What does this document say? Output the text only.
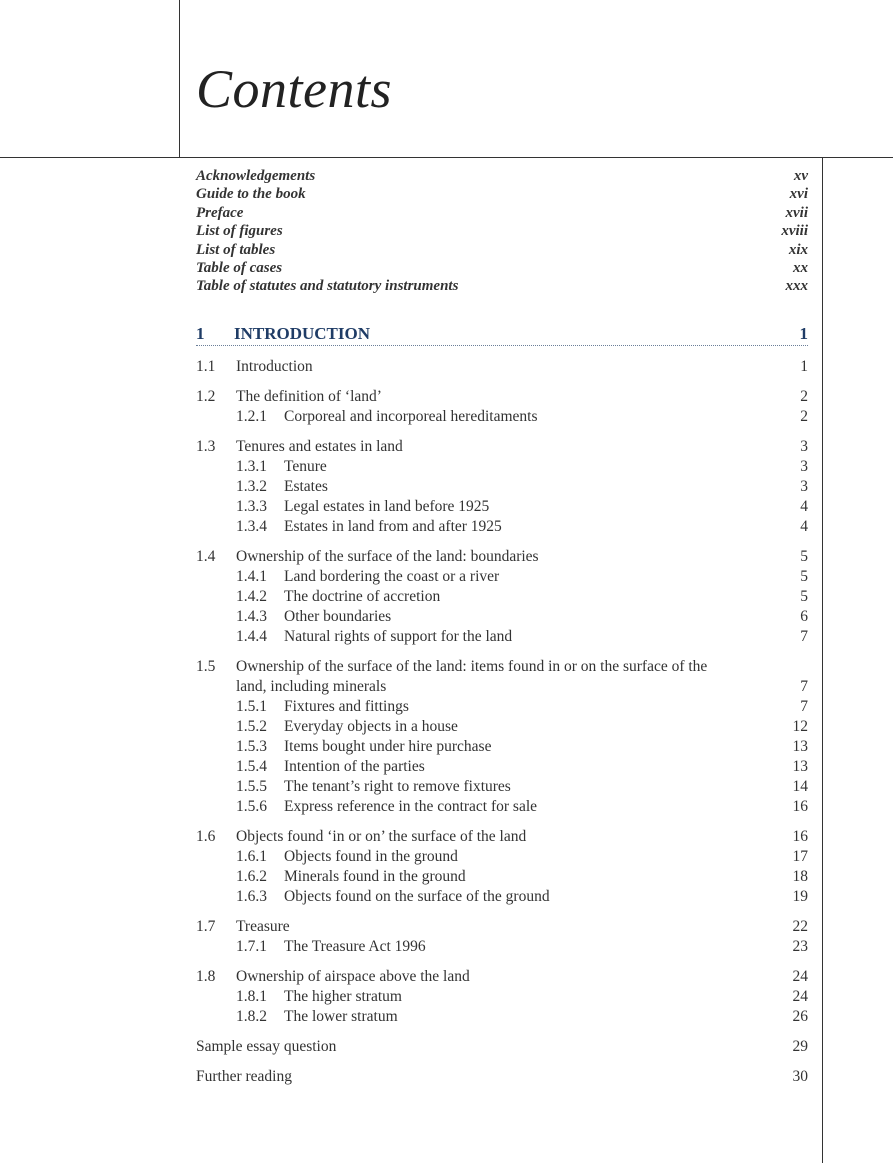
Contents
Acknowledgements	xv
Guide to the book	xvi
Preface	xvii
List of figures	xviii
List of tables	xix
Table of cases	xx
Table of statutes and statutory instruments	xxx
1	INTRODUCTION	1
1.1	Introduction	1
1.2	The definition of ‘land’	2
1.2.1	Corporeal and incorporeal hereditaments	2
1.3	Tenures and estates in land	3
1.3.1	Tenure	3
1.3.2	Estates	3
1.3.3	Legal estates in land before 1925	4
1.3.4	Estates in land from and after 1925	4
1.4	Ownership of the surface of the land: boundaries	5
1.4.1	Land bordering the coast or a river	5
1.4.2	The doctrine of accretion	5
1.4.3	Other boundaries	6
1.4.4	Natural rights of support for the land	7
1.5	Ownership of the surface of the land: items found in or on the surface of the
land, including minerals	7
1.5.1	Fixtures and fittings	7
1.5.2	Everyday objects in a house	12
1.5.3	Items bought under hire purchase	13
1.5.4	Intention of the parties	13
1.5.5	The tenant’s right to remove fixtures	14
1.5.6	Express reference in the contract for sale	16
1.6	Objects found ‘in or on’ the surface of the land	16
1.6.1	Objects found in the ground	17
1.6.2	Minerals found in the ground	18
1.6.3	Objects found on the surface of the ground	19
1.7	Treasure	22
1.7.1	The Treasure Act 1996	23
1.8	Ownership of airspace above the land	24
1.8.1	The higher stratum	24
1.8.2	The lower stratum	26
Sample essay question	29
Further reading	30
